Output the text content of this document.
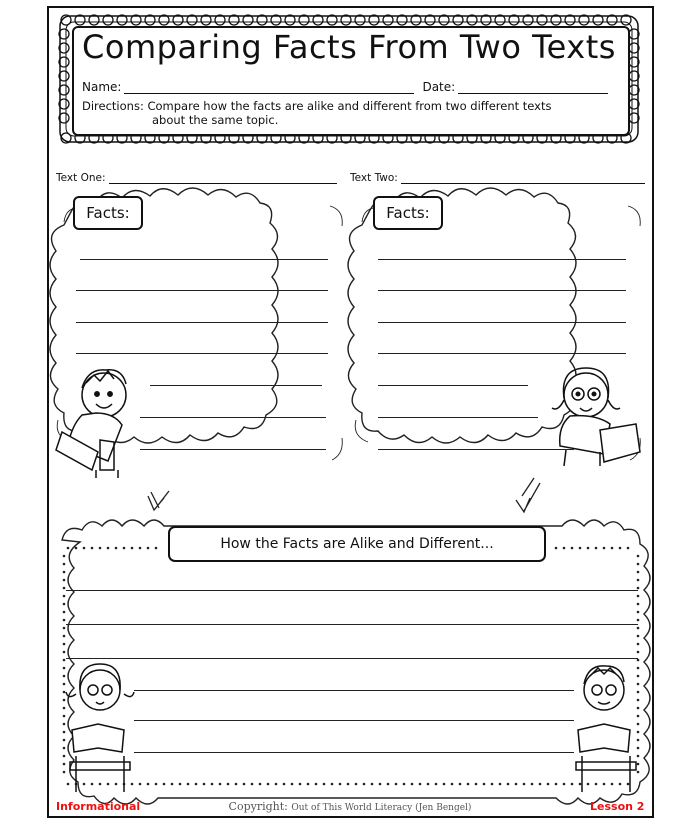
Comparing Facts From Two Texts
Name:	Date:
Directions: Compare how the facts are alike and different from two different texts
about the same topic.
Text One:	Text Two:
Facts:	Facts:
How the Facts are Alike and Different...
Informational	Copyright: Out of This World Literacy (Jen Bengel)	Lesson 2
